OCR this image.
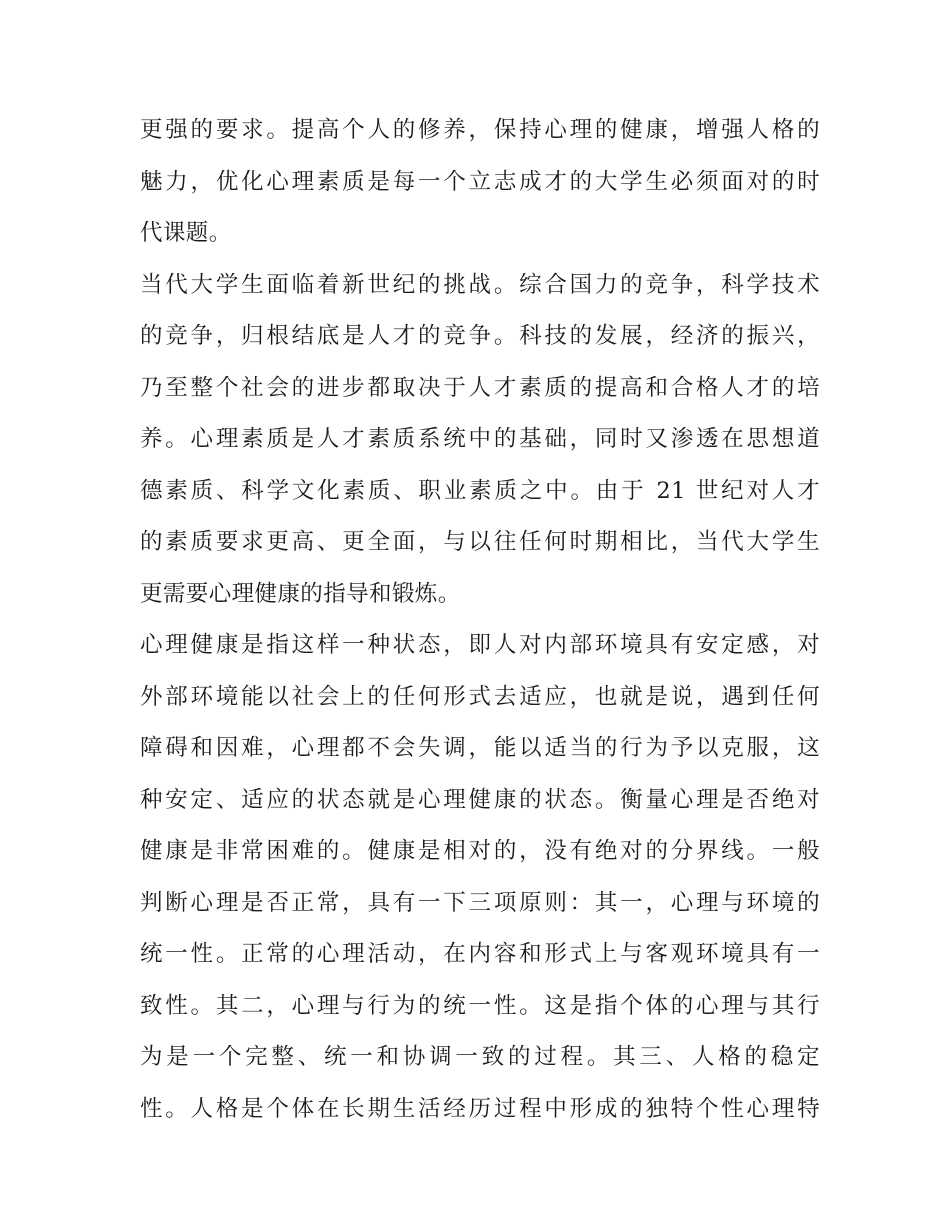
更强的要求。提高个人的修养，保持心理的健康，增强人格的
魅力，优化心理素质是每一个立志成才的大学生必须面对的时
代课题。
当代大学生面临着新世纪的挑战。综合国力的竞争，科学技术
的竞争，归根结底是人才的竞争。科技的发展，经济的振兴，
乃至整个社会的进步都取决于人才素质的提高和合格人才的培
养。心理素质是人才素质系统中的基础，同时又渗透在思想道
德素质、科学文化素质、职业素质之中。由于 21 世纪对人才
的素质要求更高、更全面，与以往任何时期相比，当代大学生
更需要心理健康的指导和锻炼。
心理健康是指这样一种状态，即人对内部环境具有安定感，对
外部环境能以社会上的任何形式去适应，也就是说，遇到任何
障碍和因难，心理都不会失调，能以适当的行为予以克服，这
种安定、适应的状态就是心理健康的状态。衡量心理是否绝对
健康是非常困难的。健康是相对的，没有绝对的分界线。一般
判断心理是否正常，具有一下三项原则：其一，心理与环境的
统一性。正常的心理活动，在内容和形式上与客观环境具有一
致性。其二，心理与行为的统一性。这是指个体的心理与其行
为是一个完整、统一和协调一致的过程。其三、人格的稳定
性。人格是个体在长期生活经历过程中形成的独特个性心理特
